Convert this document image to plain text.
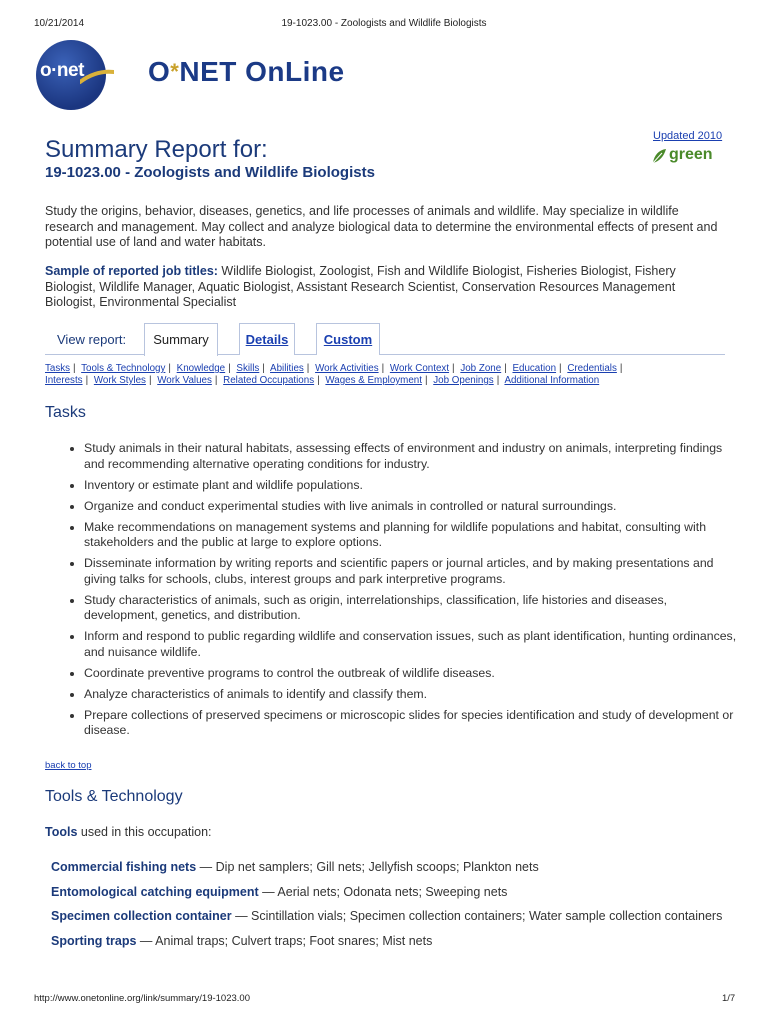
10/21/2014	19-1023.00 - Zoologists and Wildlife Biologists
o·net O*NET OnLine
Updated 2010
green
Summary Report for:
19-1023.00 - Zoologists and Wildlife Biologists
Study the origins, behavior, diseases, genetics, and life processes of animals and wildlife. May specialize in wildlife research and management. May collect and analyze biological data to determine the environmental effects of present and potential use of land and water habitats.
Sample of reported job titles: Wildlife Biologist, Zoologist, Fish and Wildlife Biologist, Fisheries Biologist, Fishery Biologist, Wildlife Manager, Aquatic Biologist, Assistant Research Scientist, Conservation Resources Management Biologist, Environmental Specialist
View report:	Summary	Details	Custom
Tasks | Tools & Technology | Knowledge | Skills | Abilities | Work Activities | Work Context | Job Zone | Education | Credentials |
Interests | Work Styles | Work Values | Related Occupations | Wages & Employment | Job Openings | Additional Information
Tasks
• Study animals in their natural habitats, assessing effects of environment and industry on animals, interpreting findings and recommending alternative operating conditions for industry.
• Inventory or estimate plant and wildlife populations.
• Organize and conduct experimental studies with live animals in controlled or natural surroundings.
• Make recommendations on management systems and planning for wildlife populations and habitat, consulting with stakeholders and the public at large to explore options.
• Disseminate information by writing reports and scientific papers or journal articles, and by making presentations and giving talks for schools, clubs, interest groups and park interpretive programs.
• Study characteristics of animals, such as origin, interrelationships, classification, life histories and diseases, development, genetics, and distribution.
• Inform and respond to public regarding wildlife and conservation issues, such as plant identification, hunting ordinances, and nuisance wildlife.
• Coordinate preventive programs to control the outbreak of wildlife diseases.
• Analyze characteristics of animals to identify and classify them.
• Prepare collections of preserved specimens or microscopic slides for species identification and study of development or disease.
back to top
Tools & Technology
Tools used in this occupation:
Commercial fishing nets — Dip net samplers; Gill nets; Jellyfish scoops; Plankton nets
Entomological catching equipment — Aerial nets; Odonata nets; Sweeping nets
Specimen collection container — Scintillation vials; Specimen collection containers; Water sample collection containers
Sporting traps — Animal traps; Culvert traps; Foot snares; Mist nets
http://www.onetonline.org/link/summary/19-1023.00	1/7
